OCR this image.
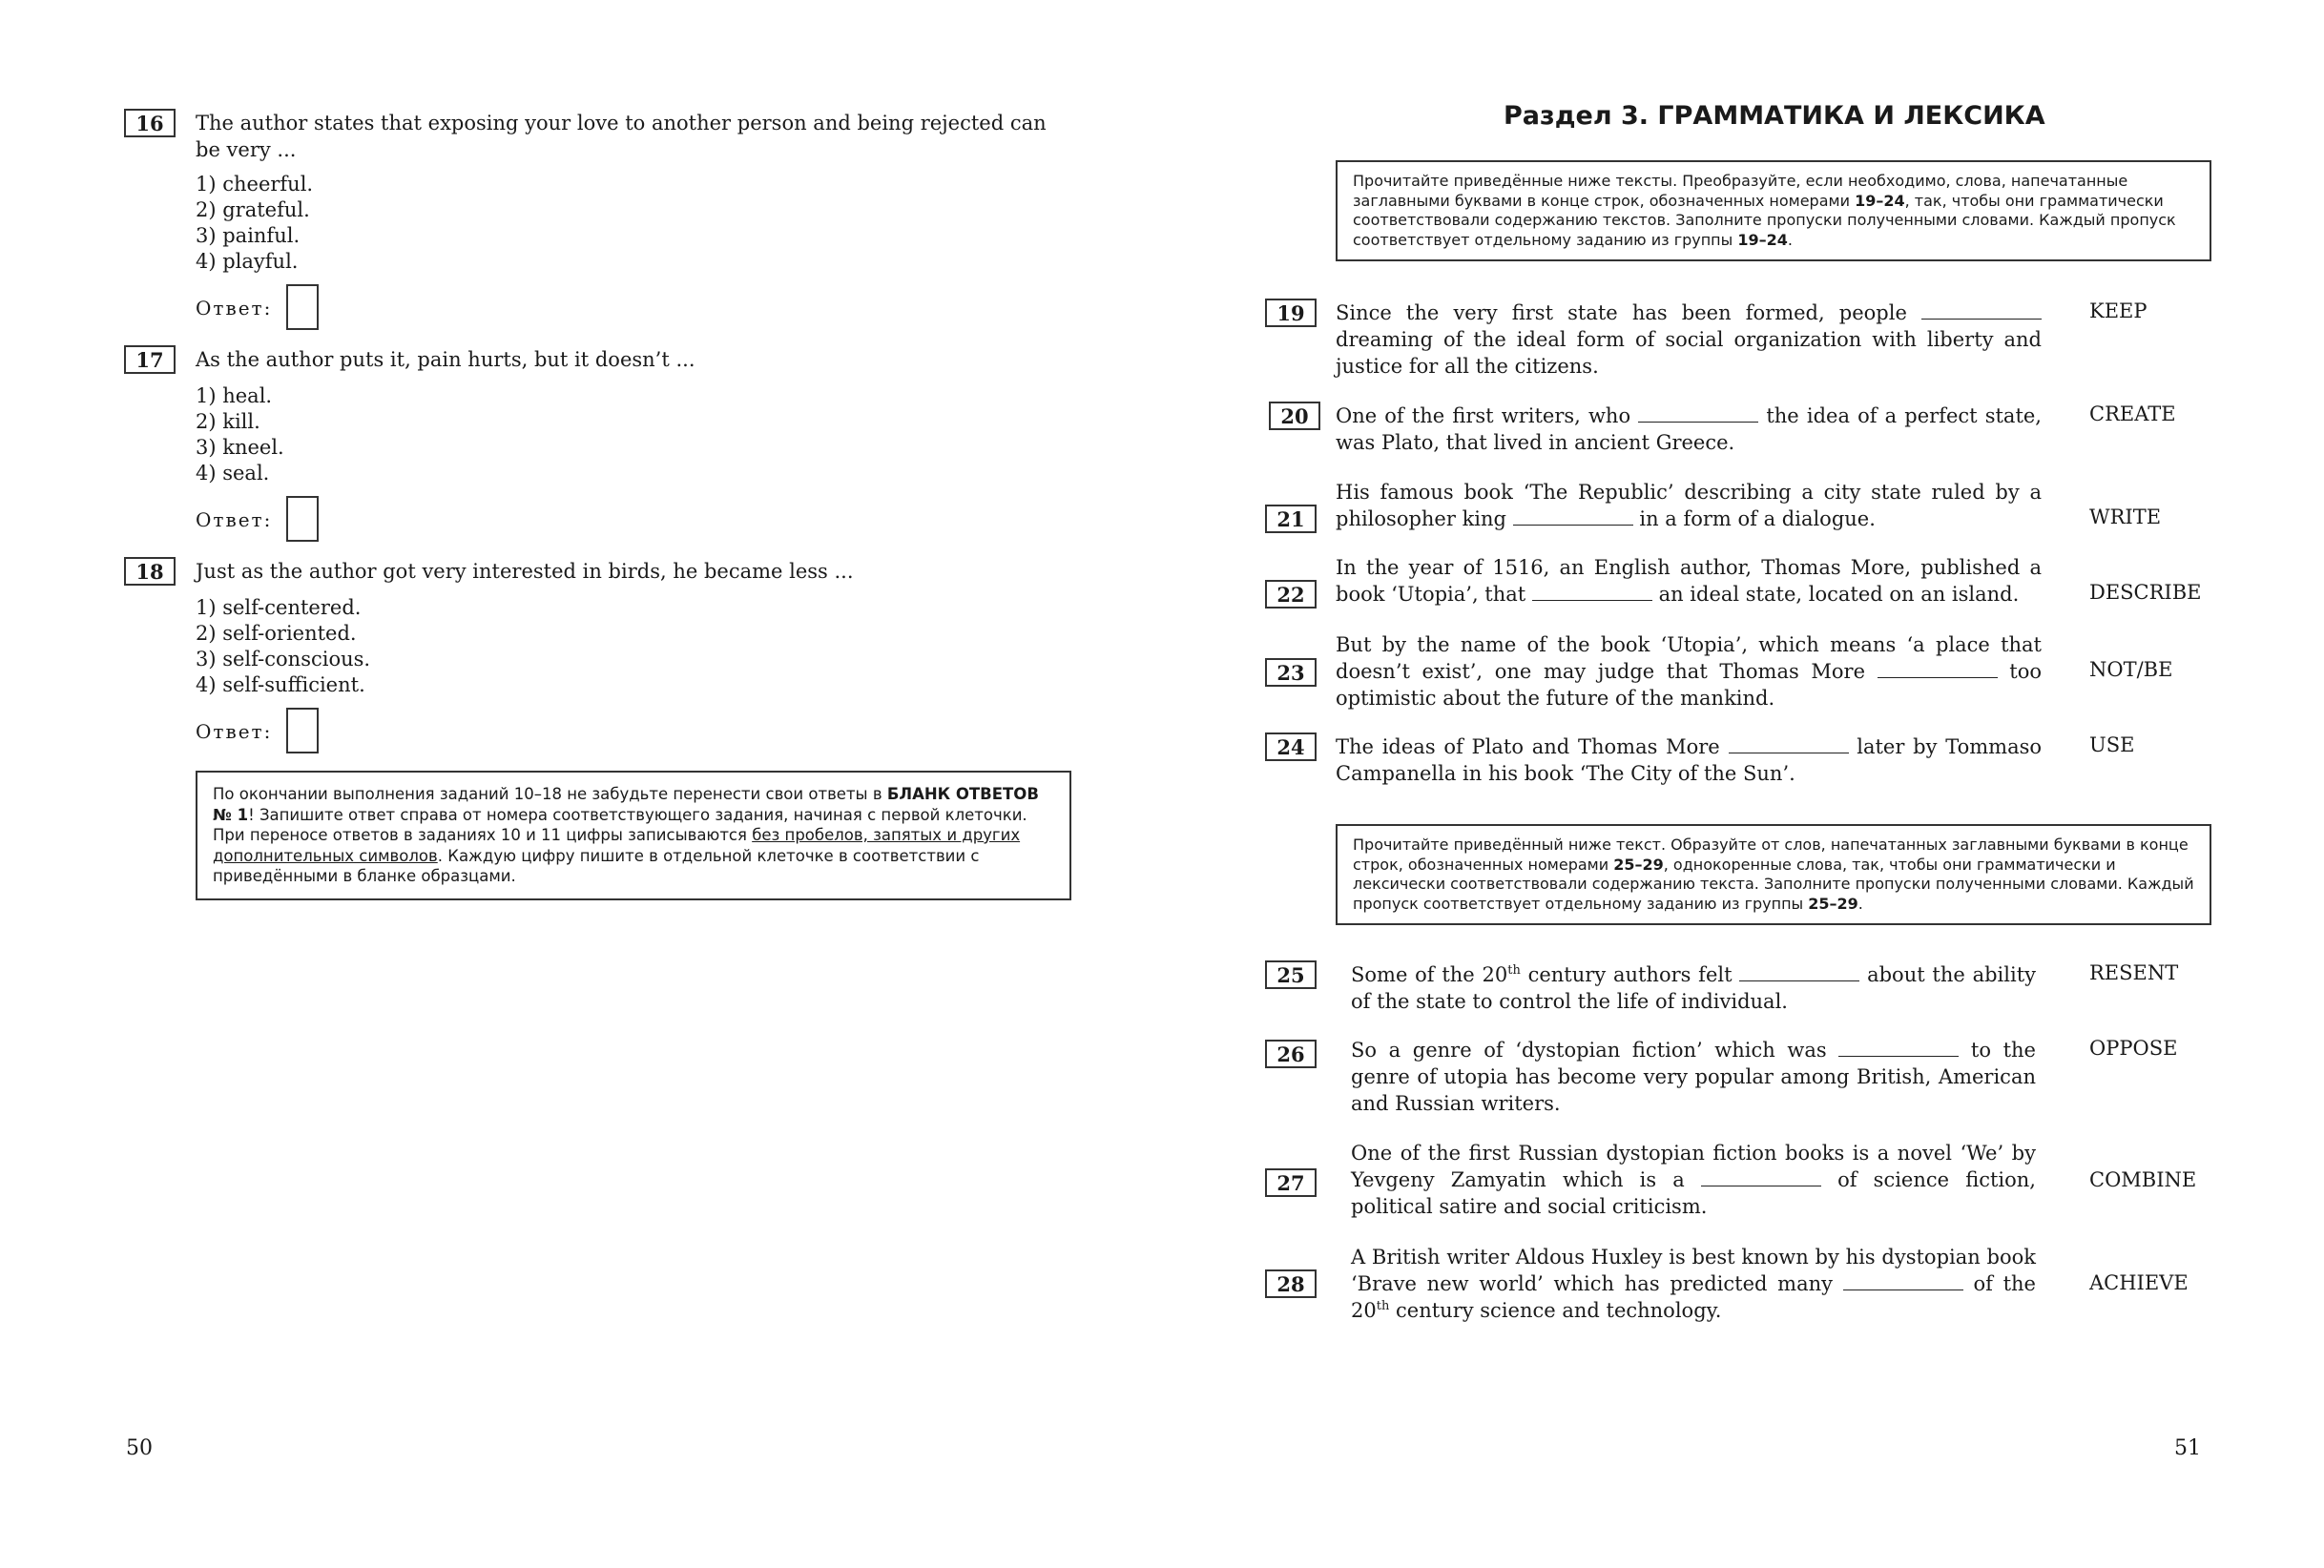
16	The author states that exposing your love to another person and being rejected can be very ...
1) cheerful.
2) grateful.
3) painful.
4) playful.
Ответ:
17	As the author puts it, pain hurts, but it doesn’t ...
1) heal.
2) kill.
3) kneel.
4) seal.
Ответ:
18	Just as the author got very interested in birds, he became less ...
1) self-centered.
2) self-oriented.
3) self-conscious.
4) self-sufficient.
Ответ:
По окончании выполнения заданий 10–18 не забудьте перенести свои ответы в БЛАНК ОТВЕТОВ № 1! Запишите ответ справа от номера соответствующего задания, начиная с первой клеточки. При переносе ответов в заданиях 10 и 11 цифры записываются без пробелов, запятых и других дополнительных символов. Каждую цифру пишите в отдельной клеточке в соответствии с приведёнными в бланке образцами.
50
Раздел 3. ГРАММАТИКА И ЛЕКСИКА
Прочитайте приведённые ниже тексты. Преобразуйте, если необходимо, слова, напечатанные заглавными буквами в конце строк, обозначенных номерами 19–24, так, чтобы они грамматически соответствовали содержанию текстов. Заполните пропуски полученными словами. Каждый пропуск соответствует отдельному заданию из группы 19–24.
19	Since the very first state has been formed, people  dreaming of the ideal form of social organization with liberty and justice for all the citizens.
KEEP
20	One of the first writers, who	the idea of a perfect state, was Plato, that lived in ancient Greece.
CREATE
21
His famous book ‘The Republic’ describing a city state ruled by a philosopher king	in a form of a dialogue.	WRITE
22
In the year of 1516, an English author, Thomas More, published a book ‘Utopia’, that	an ideal state, located on an island.	DESCRIBE
23
But by the name of the book ‘Utopia’, which means ‘a place that doesn’t exist’, one may judge that Thomas More	too optimistic about the future of the mankind.
NOT/BE
24	The ideas of Plato and Thomas More	later by Tommaso Campanella in his book ‘The City of the Sun’.
USE
Прочитайте приведённый ниже текст. Образуйте от слов, напечатанных заглавными буквами в конце строк, обозначенных номерами 25–29, однокоренные слова, так, чтобы они грамматически и лексически соответствовали содержанию текста. Заполните пропуски полученными словами. Каждый пропуск соответствует отдельному заданию из группы 25–29.
25	Some of the 20th century authors felt	about the ability of the state to control the life of individual.
RESENT
26	So a genre of ‘dystopian fiction’ which was	to the genre of utopia has become very popular among British, American and Russian writers.
OPPOSE
27
One of the first Russian dystopian fiction books is a novel ‘We’ by Yevgeny Zamyatin which is a	of science fiction, political satire and social criticism.
COMBINE
28
A British writer Aldous Huxley is best known by his dystopian book ‘Brave new world’ which has predicted many	of the 20th century science and technology.
ACHIEVE
51
